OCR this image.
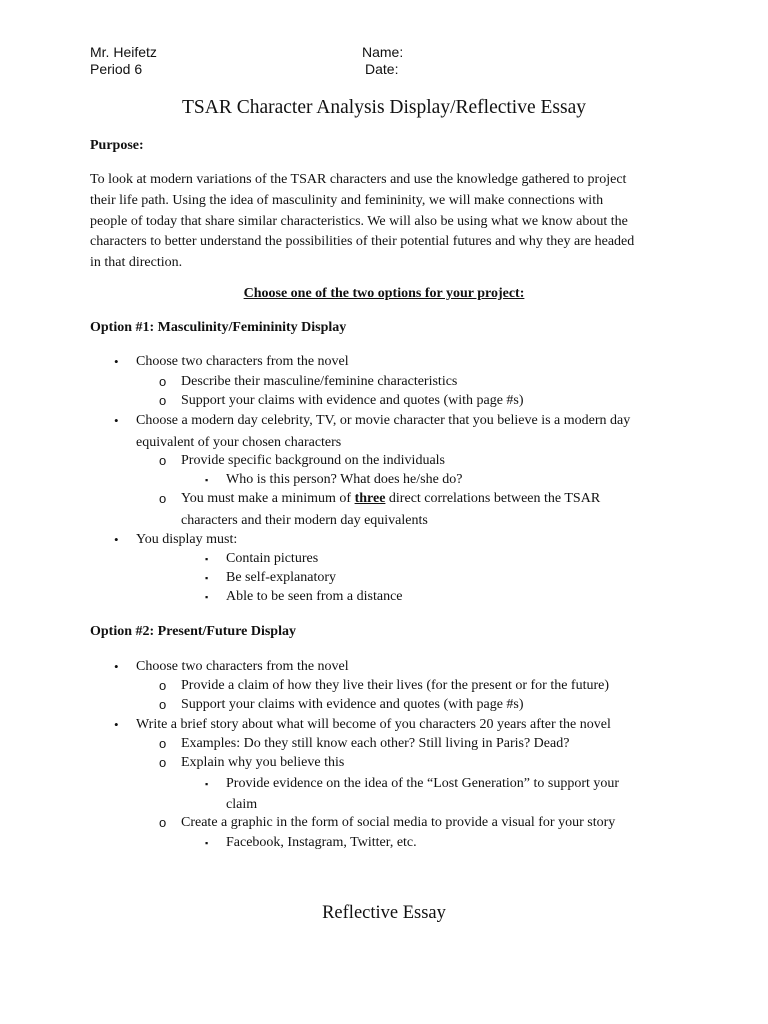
Mr. Heifetz
Period 6
Name:
Date:
TSAR Character Analysis Display/Reflective Essay
Purpose:
To look at modern variations of the TSAR characters and use the knowledge gathered to project
their life path. Using the idea of masculinity and femininity, we will make connections with
people of today that share similar characteristics. We will also be using what we know about the
characters to better understand the possibilities of their potential futures and why they are headed
in that direction.
Choose one of the two options for your project:
Option #1: Masculinity/Femininity Display
• Choose two characters from the novel
o Describe their masculine/feminine characteristics
o Support your claims with evidence and quotes (with page #s)
• Choose a modern day celebrity, TV, or movie character that you believe is a modern day
equivalent of your chosen characters
o Provide specific background on the individuals
▪ Who is this person? What does he/she do?
o You must make a minimum of three direct correlations between the TSAR
characters and their modern day equivalents
• You display must:
▪ Contain pictures
▪ Be self-explanatory
▪ Able to be seen from a distance
Option #2: Present/Future Display
• Choose two characters from the novel
o Provide a claim of how they live their lives (for the present or for the future)
o Support your claims with evidence and quotes (with page #s)
• Write a brief story about what will become of you characters 20 years after the novel
o Examples: Do they still know each other? Still living in Paris? Dead?
o Explain why you believe this
▪ Provide evidence on the idea of the “Lost Generation” to support your
claim
o Create a graphic in the form of social media to provide a visual for your story
▪ Facebook, Instagram, Twitter, etc.
Reflective Essay
